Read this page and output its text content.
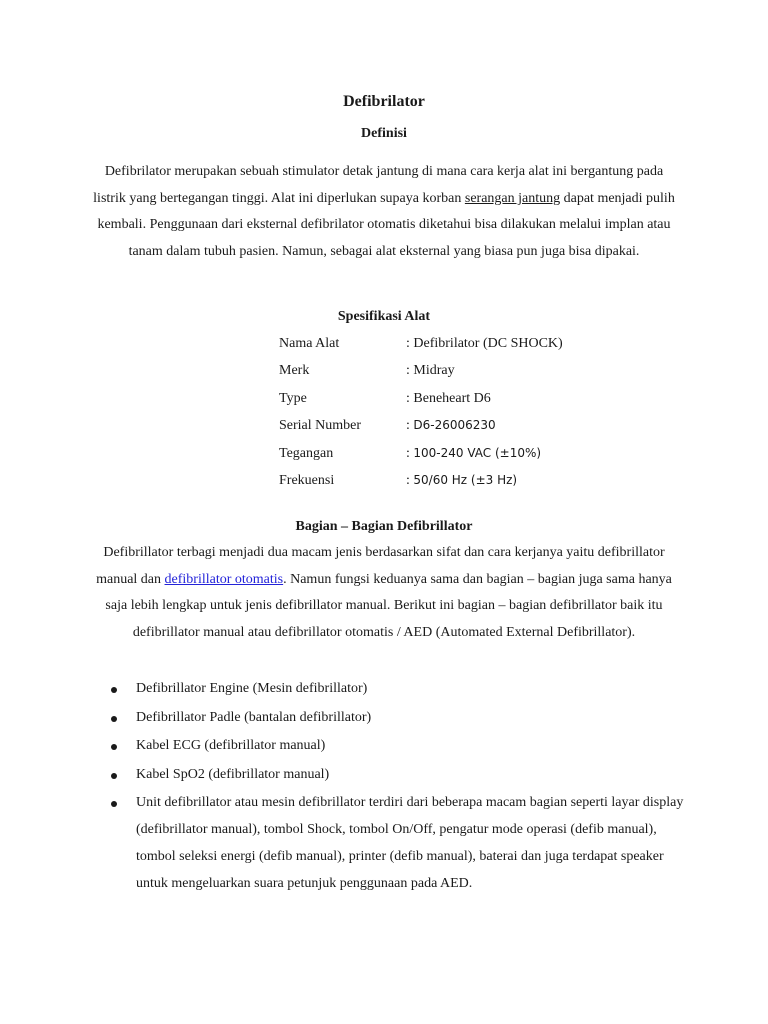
Defibrilator
Definisi

Defibrilator merupakan sebuah stimulator detak jantung di mana cara kerja alat ini bergantung pada listrik yang bertegangan tinggi. Alat ini diperlukan supaya korban serangan jantung dapat menjadi pulih kembali. Penggunaan dari eksternal defibrilator otomatis diketahui bisa dilakukan melalui implan atau tanam dalam tubuh pasien. Namun, sebagai alat eksternal yang biasa pun juga bisa dipakai.

Spesifikasi Alat
Nama Alat	: Defibrilator (DC SHOCK)
Merk	: Midray
Type	: Beneheart D6
Serial Number	: D6-26006230
Tegangan	: 100-240 VAC (±10%)
Frekuensi	: 50/60 Hz (±3 Hz)
Bagian – Bagian Defibrillator

Defibrillator terbagi menjadi dua macam jenis berdasarkan sifat dan cara kerjanya yaitu defibrillator manual dan defibrillator otomatis. Namun fungsi keduanya sama dan bagian – bagian juga sama hanya saja lebih lengkap untuk jenis defibrillator manual. Berikut ini bagian – bagian defibrillator baik itu defibrillator manual atau defibrillator otomatis / AED (Automated External Defibrillator).

Defibrillator Engine (Mesin defibrillator)
Defibrillator Padle (bantalan defibrillator)
Kabel ECG (defibrillator manual)
Kabel SpO2 (defibrillator manual)
Unit defibrillator atau mesin defibrillator terdiri dari beberapa macam bagian seperti layar display (defibrillator manual), tombol Shock, tombol On/Off, pengatur mode operasi (defib manual), tombol seleksi energi (defib manual), printer (defib manual), baterai dan juga terdapat speaker untuk mengeluarkan suara petunjuk penggunaan pada AED.
